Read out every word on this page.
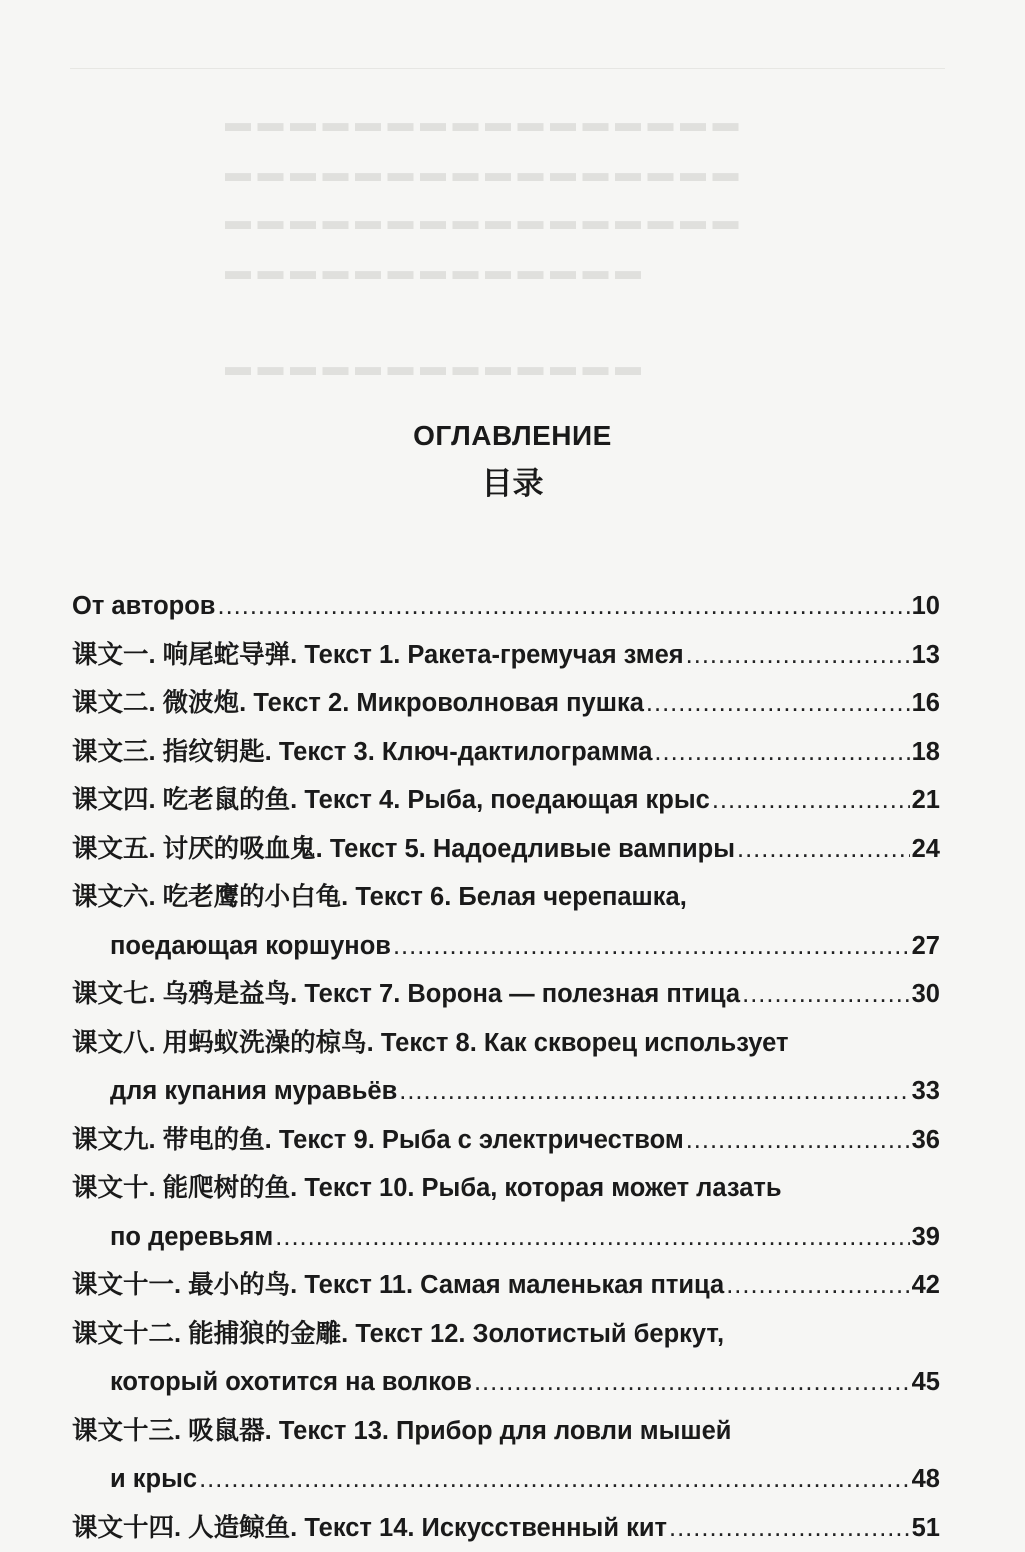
▬ ▬ ▬ ▬ ▬ ▬ ▬ ▬ ▬ ▬ ▬ ▬ ▬ ▬ ▬ ▬
▬ ▬ ▬ ▬ ▬ ▬ ▬ ▬ ▬ ▬ ▬ ▬ ▬ ▬ ▬ ▬
▬ ▬ ▬ ▬ ▬ ▬ ▬ ▬ ▬ ▬ ▬ ▬ ▬ ▬ ▬ ▬
▬ ▬ ▬ ▬ ▬ ▬ ▬ ▬ ▬ ▬ ▬ ▬ ▬
▬ ▬ ▬ ▬ ▬ ▬ ▬ ▬ ▬ ▬ ▬ ▬ ▬
ОГЛАВЛЕНИЕ
目录
От авторов .....	10
课文一. 响尾蛇导弹. Текст 1. Ракета-гремучая змея .....	13
课文二. 微波炮. Текст 2. Микроволновая пушка .....	16
课文三. 指纹钥匙. Текст 3. Ключ-дактилограмма .....	18
课文四. 吃老鼠的鱼. Текст 4. Рыба, поедающая крыс .....	21
课文五. 讨厌的吸血鬼. Текст 5. Надоедливые вампиры .....	24
课文六. 吃老鹰的小白龟. Текст 6. Белая черепашка,
поедающая коршунов .....	27
课文七. 乌鸦是益鸟. Текст 7. Ворона — полезная птица .....	30
课文八. 用蚂蚁洗澡的椋鸟. Текст 8. Как скворец использует
для купания муравьёв .....	33
课文九. 带电的鱼. Текст 9. Рыба с электричеством .....	36
课文十. 能爬树的鱼. Текст 10. Рыба, которая может лазать
по деревьям .....	39
课文十一. 最小的鸟. Текст 11. Самая маленькая птица .....	42
课文十二. 能捕狼的金雕. Текст 12. Золотистый беркут,
который охотится на волков .....	45
课文十三. 吸鼠器. Текст 13. Прибор для ловли мышей
и крыс .....	48
课文十四. 人造鲸鱼. Текст 14. Искусственный кит .....	51
